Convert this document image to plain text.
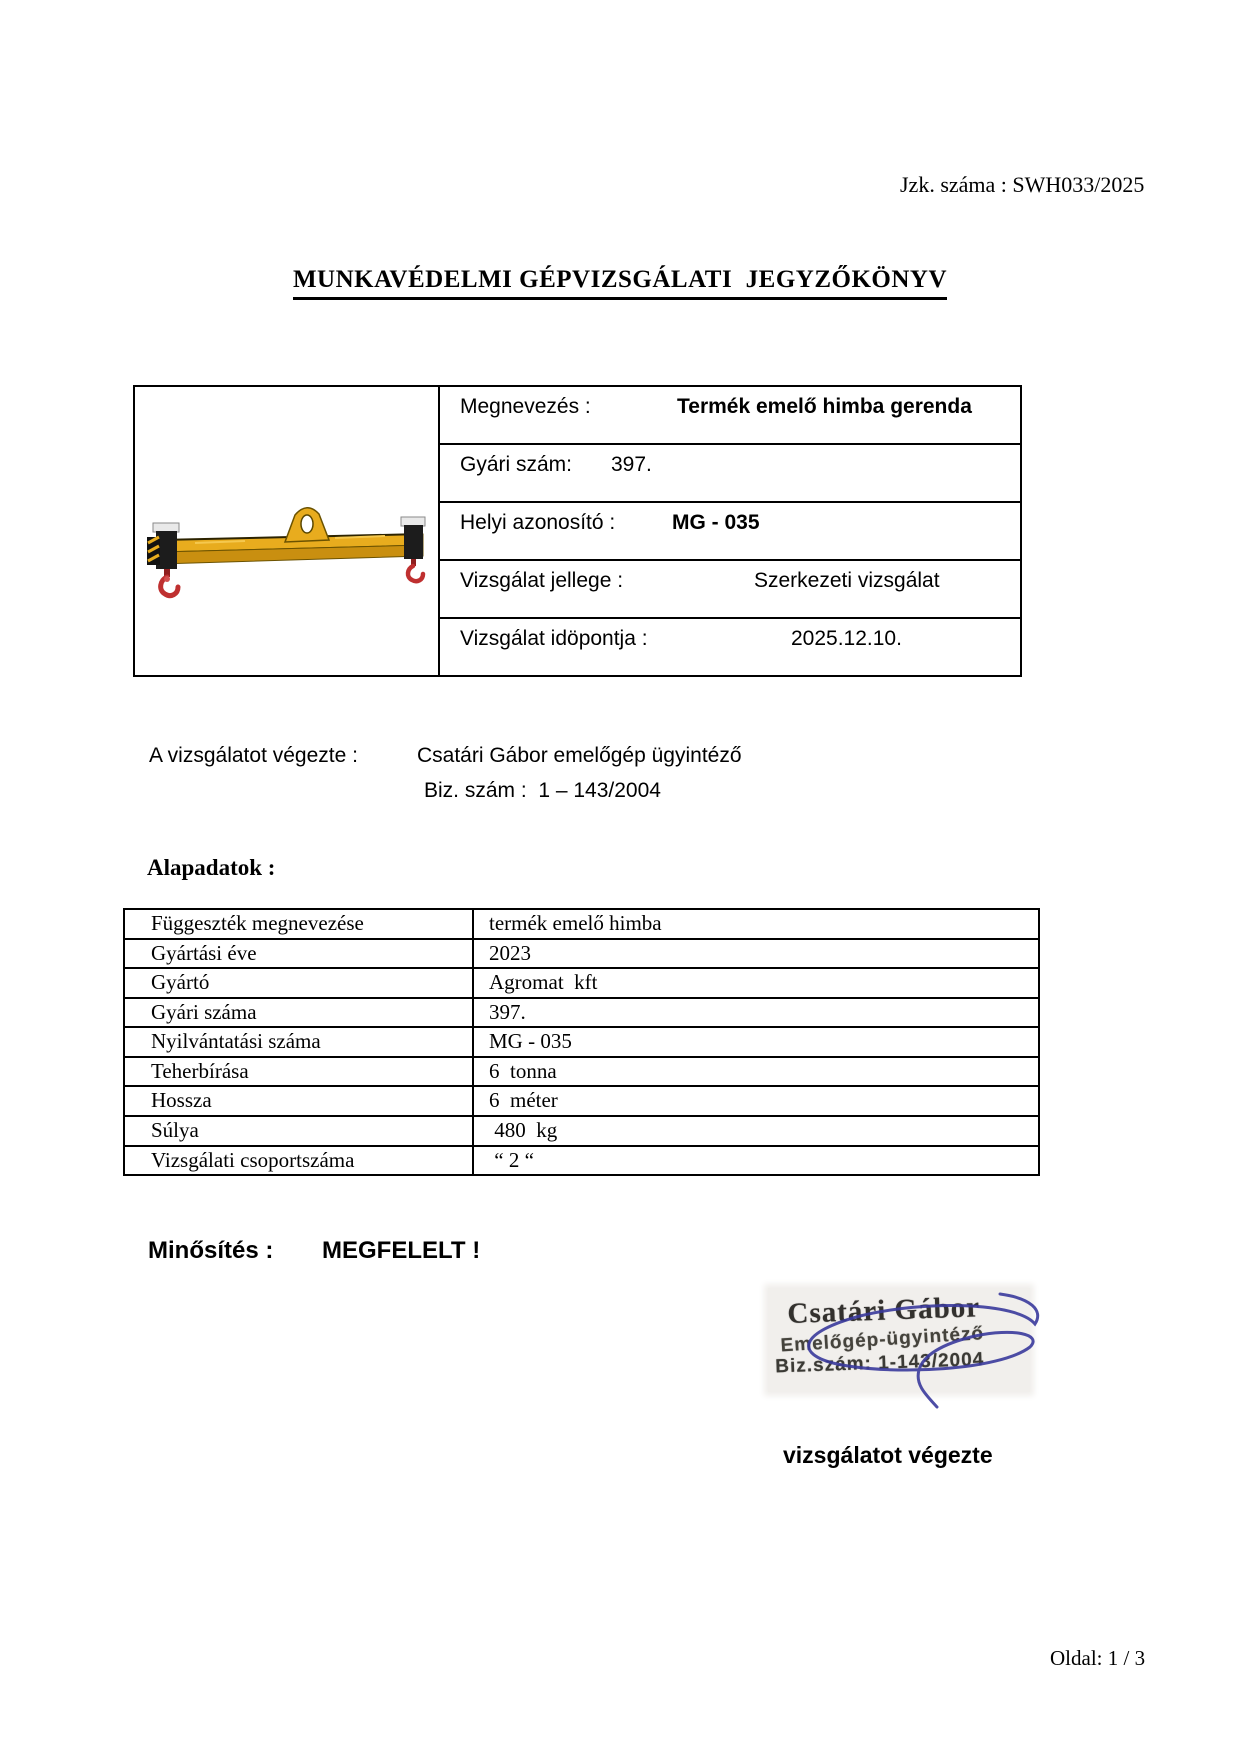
Jzk. száma : SWH033/2025
MUNKAVÉDELMI GÉPVIZSGÁLATI  JEGYZŐKÖNYV
Megnevezés :	Termék emelő himba gerenda
Gyári szám: 397.
Helyi azonosító :	MG - 035
Vizsgálat jellege :	Szerkezeti vizsgálat
Vizsgálat idöpontja :	2025.12.10.
A vizsgálatot végezte :	Csatári Gábor emelőgép ügyintéző
Biz. szám :  1 – 143/2004
Alapadatok :
Függeszték megnevezése	termék emelő himba
Gyártási éve	2023
Gyártó	Agromat  kft
Gyári száma	397.
Nyilvántatási száma	MG - 035
Teherbírása	6  tonna
Hossza	6  méter
Súlya	480  kg
Vizsgálati csoportszáma	“ 2 “
Minősítés : MEGFELELT !
Csatári Gábor
Emelőgép-ügyintéző
Biz.szám: 1-143/2004
vizsgálatot végezte
Oldal: 1 / 3
